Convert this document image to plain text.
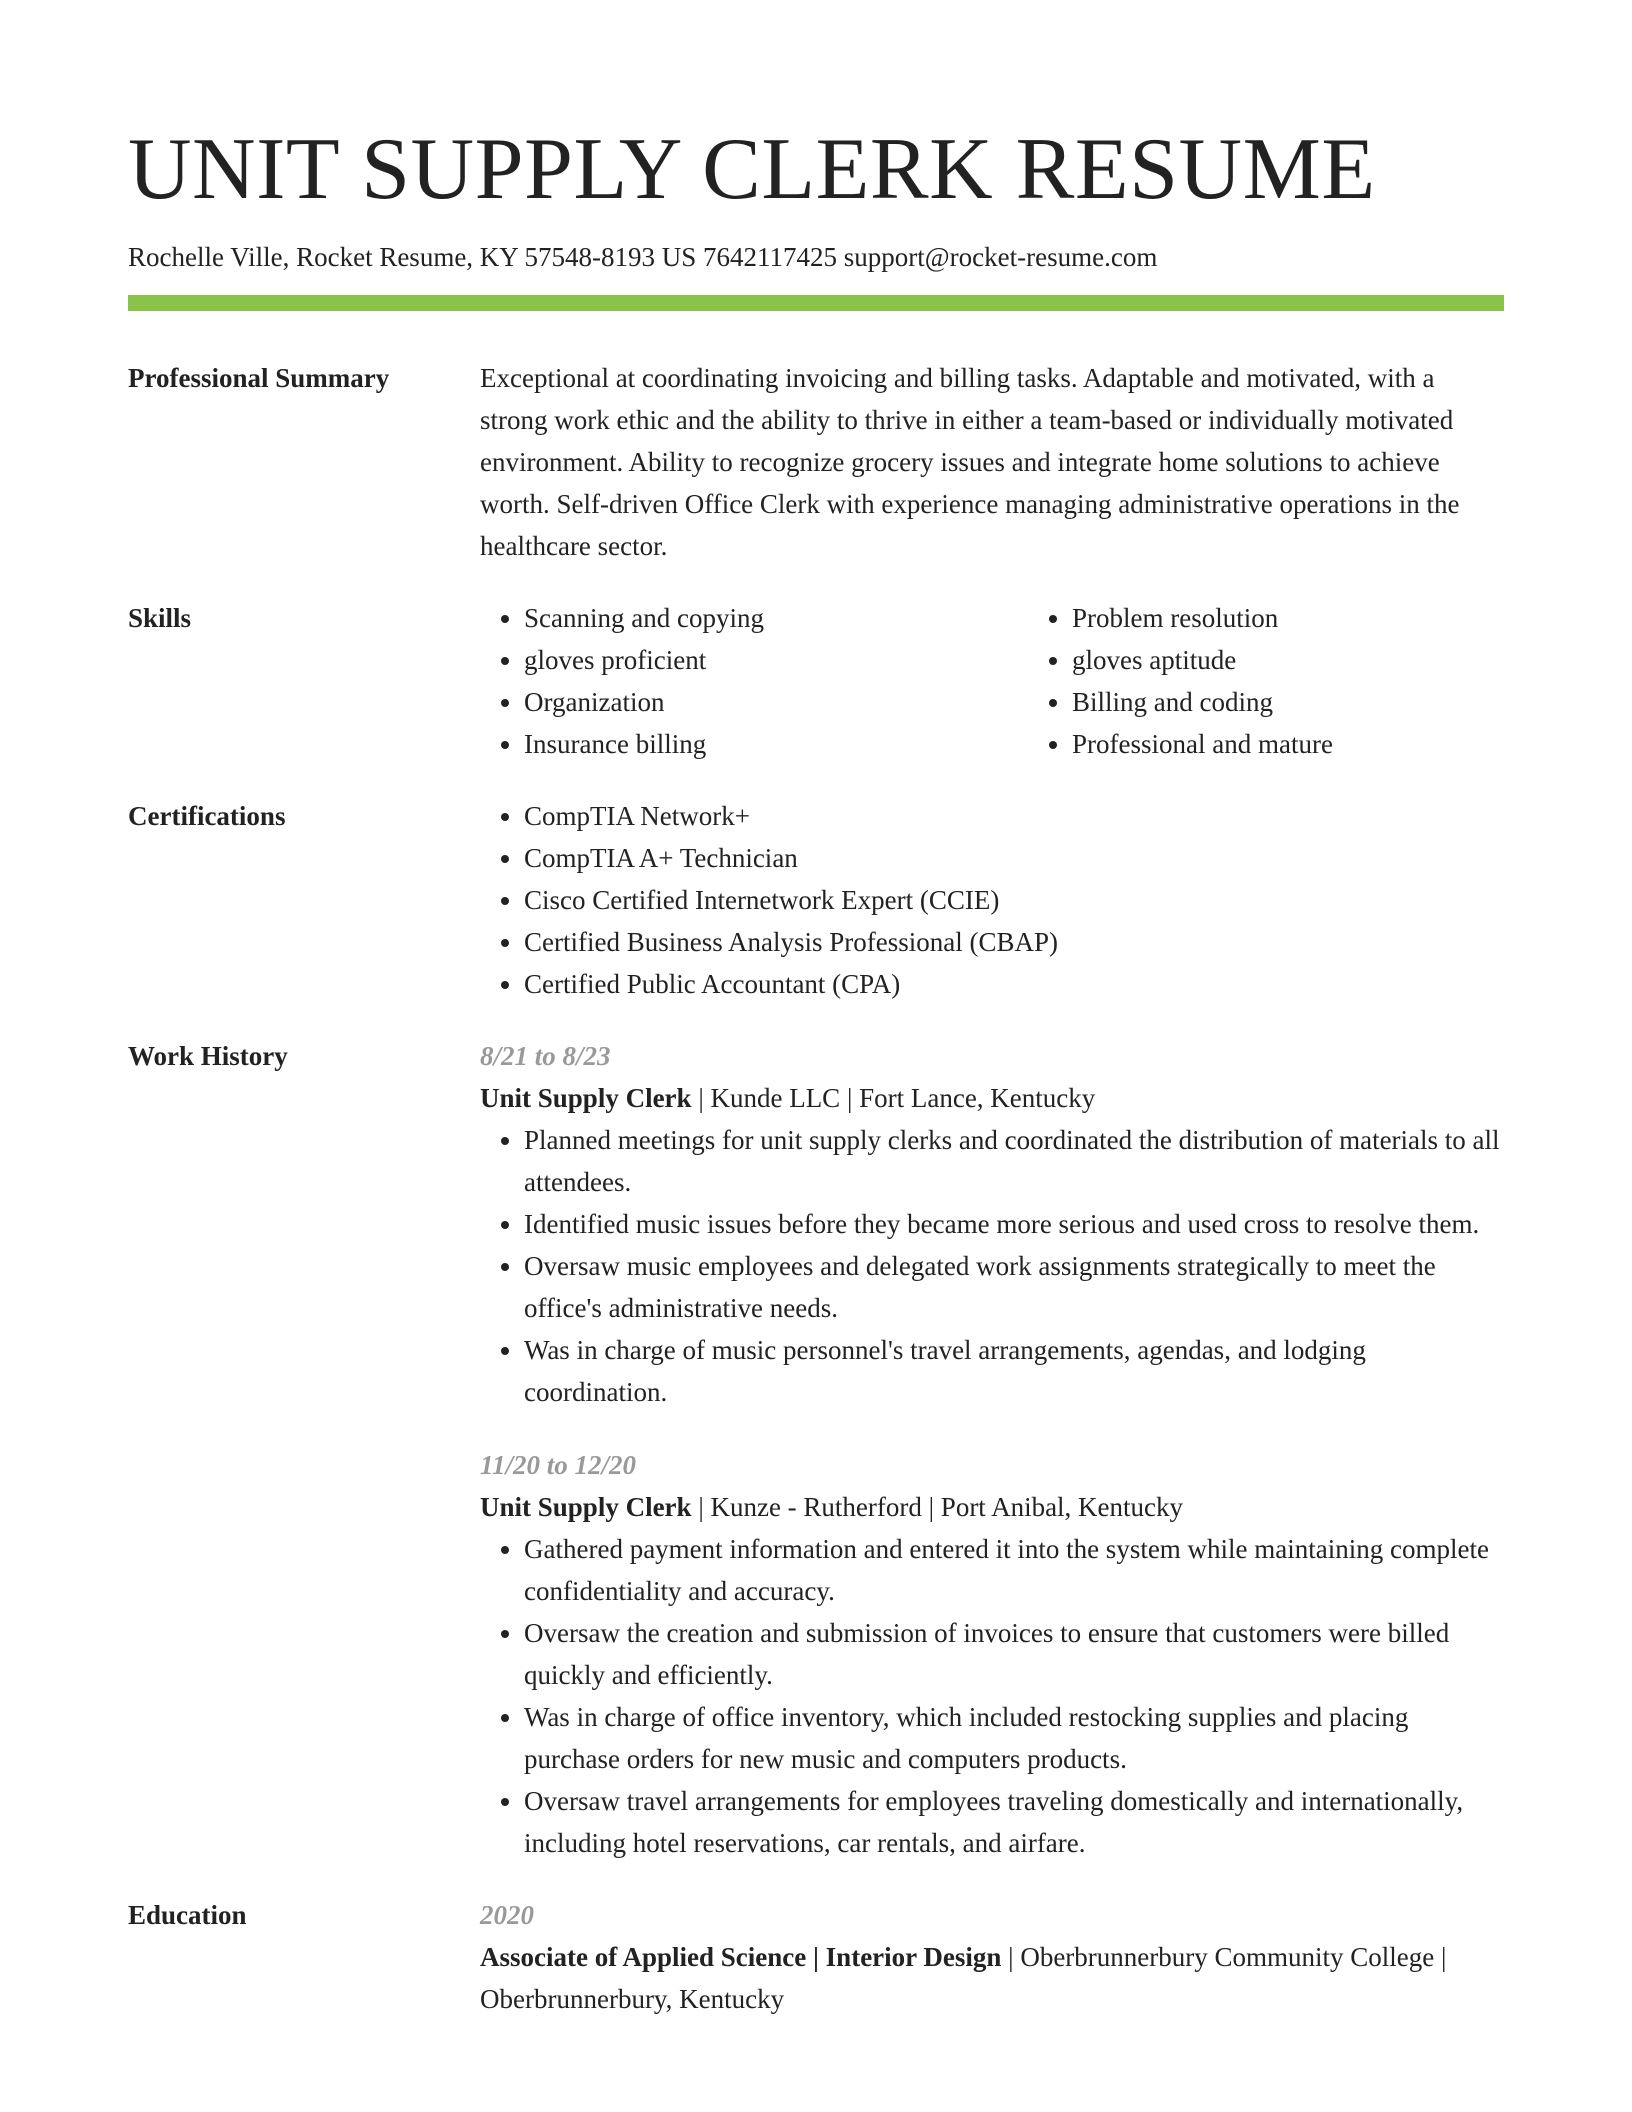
UNIT SUPPLY CLERK RESUME
Rochelle Ville, Rocket Resume, KY 57548-8193 US 7642117425 support@rocket-resume.com
Professional Summary	Exceptional at coordinating invoicing and billing tasks. Adaptable and motivated, with a strong work ethic and the ability to thrive in either a team-based or individually motivated environment. Ability to recognize grocery issues and integrate home solutions to achieve worth. Self-driven Office Clerk with experience managing administrative operations in the healthcare sector.

Skills	• Scanning and copying
• gloves proficient
• Organization
• Insurance billing
• Problem resolution
• gloves aptitude
• Billing and coding
• Professional and mature
Certifications	• CompTIA Network+
• CompTIA A+ Technician
• Cisco Certified Internetwork Expert (CCIE)
• Certified Business Analysis Professional (CBAP)
• Certified Public Accountant (CPA)
Work History	8/21 to 8/23
Unit Supply Clerk | Kunde LLC | Fort Lance, Kentucky
• Planned meetings for unit supply clerks and coordinated the distribution of materials to all attendees.
• Identified music issues before they became more serious and used cross to resolve them.
• Oversaw music employees and delegated work assignments strategically to meet the office's administrative needs.
• Was in charge of music personnel's travel arrangements, agendas, and lodging coordination.
11/20 to 12/20
Unit Supply Clerk | Kunze - Rutherford | Port Anibal, Kentucky
• Gathered payment information and entered it into the system while maintaining complete confidentiality and accuracy.
• Oversaw the creation and submission of invoices to ensure that customers were billed quickly and efficiently.
• Was in charge of office inventory, which included restocking supplies and placing purchase orders for new music and computers products.
• Oversaw travel arrangements for employees traveling domestically and internationally, including hotel reservations, car rentals, and airfare.
Education	2020
Associate of Applied Science | Interior Design | Oberbrunnerbury Community College | Oberbrunnerbury, Kentucky
